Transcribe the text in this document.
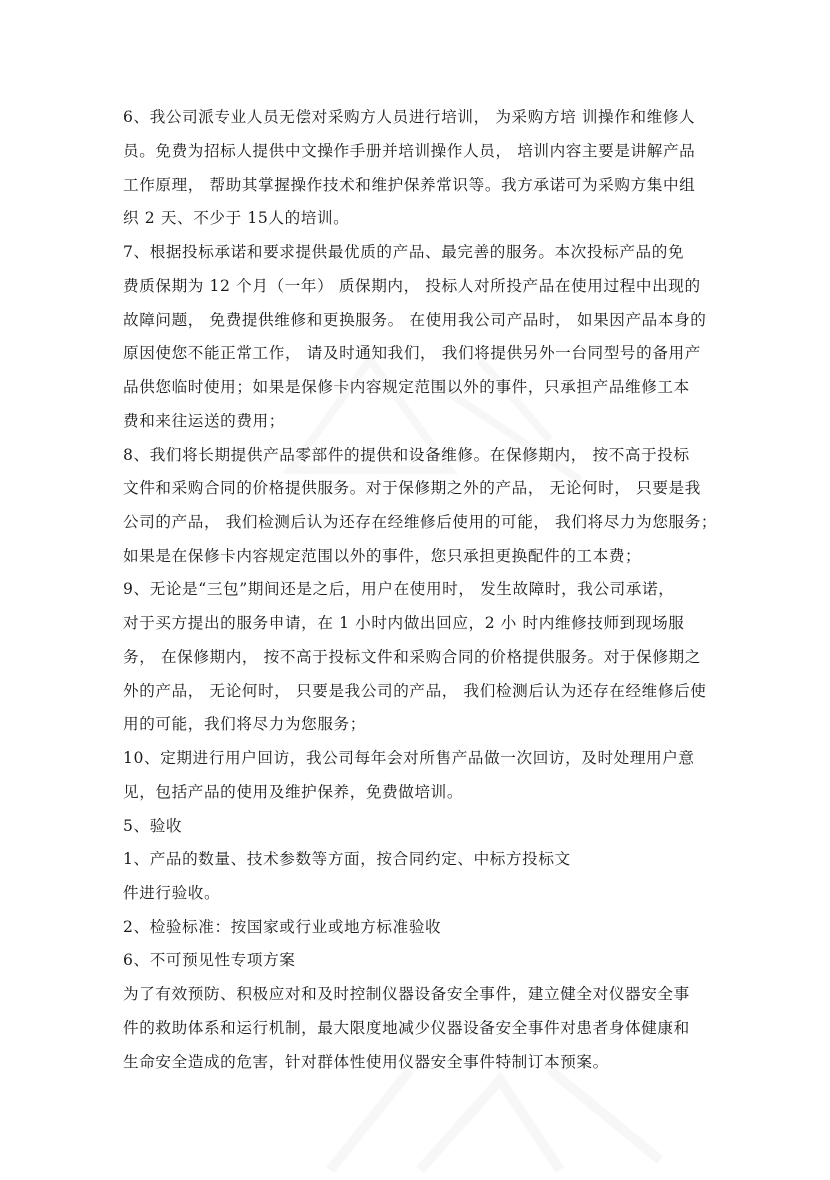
6、我公司派专业人员无偿对采购方人员进行培训， 为采购方培 训操作和维修人
员。免费为招标人提供中文操作手册并培训操作人员， 培训内容主要是讲解产品
工作原理， 帮助其掌握操作技术和维护保养常识等。我方承诺可为采购方集中组
织 2 天、不少于 15人的培训。
7、根据投标承诺和要求提供最优质的产品、最完善的服务。本次投标产品的免
费质保期为 12 个月（一年） 质保期内， 投标人对所投产品在使用过程中出现的
故障问题， 免费提供维修和更换服务。 在使用我公司产品时， 如果因产品本身的
原因使您不能正常工作， 请及时通知我们， 我们将提供另外一台同型号的备用产
品供您临时使用；如果是保修卡内容规定范围以外的事件，只承担产品维修工本
费和来往运送的费用；
8、我们将长期提供产品零部件的提供和设备维修。在保修期内， 按不高于投标
文件和采购合同的价格提供服务。对于保修期之外的产品， 无论何时， 只要是我
公司的产品， 我们检测后认为还存在经维修后使用的可能， 我们将尽力为您服务；
如果是在保修卡内容规定范围以外的事件，您只承担更换配件的工本费；
9、无论是“三包”期间还是之后，用户在使用时， 发生故障时，我公司承诺，
对于买方提出的服务申请，在 1 小时内做出回应，2 小 时内维修技师到现场服
务， 在保修期内， 按不高于投标文件和采购合同的价格提供服务。对于保修期之
外的产品， 无论何时， 只要是我公司的产品， 我们检测后认为还存在经维修后使
用的可能，我们将尽力为您服务；
10、定期进行用户回访，我公司每年会对所售产品做一次回访，及时处理用户意
见，包括产品的使用及维护保养，免费做培训。
5、验收
1、产品的数量、技术参数等方面，按合同约定、中标方投标文
件进行验收。
2、检验标准：按国家或行业或地方标准验收
6、不可预见性专项方案
为了有效预防、积极应对和及时控制仪器设备安全事件，建立健全对仪器安全事
件的救助体系和运行机制，最大限度地减少仪器设备安全事件对患者身体健康和
生命安全造成的危害，针对群体性使用仪器安全事件特制订本预案。
